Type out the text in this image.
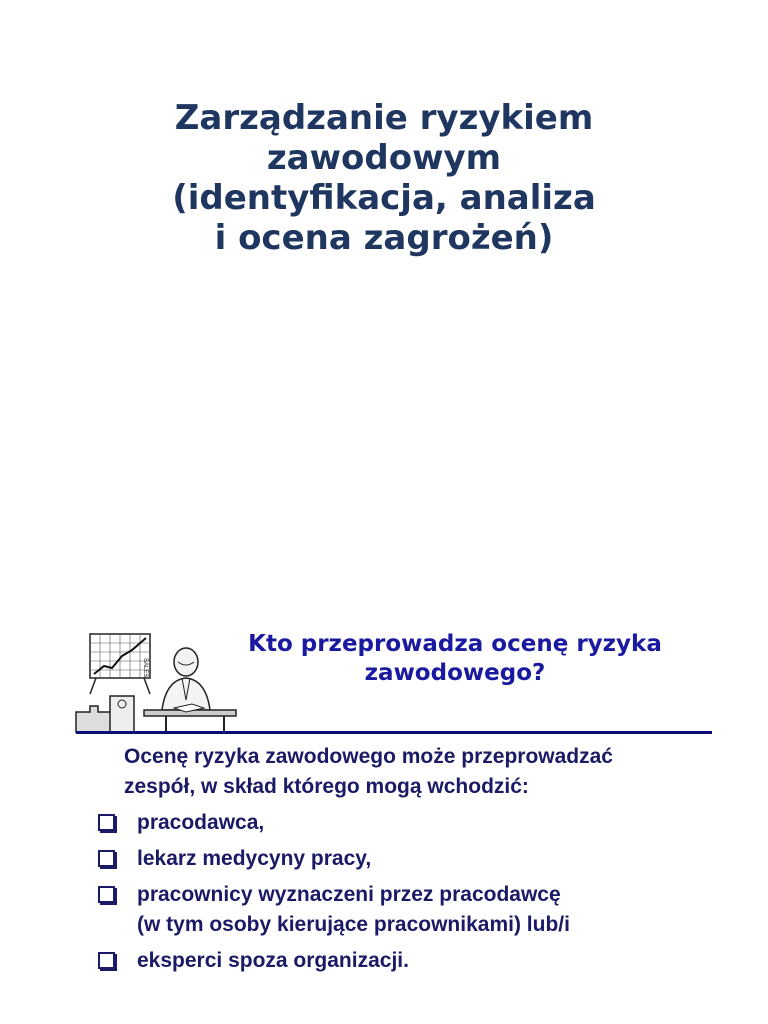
Zarządzanie ryzykiem
zawodowym
(identyfikacja, analiza
i ocena zagrożeń)
SALES
Kto przeprowadza ocenę ryzyka
zawodowego?
Ocenę ryzyka zawodowego może przeprowadzać
zespół, w skład którego mogą wchodzić:
pracodawca,
lekarz medycyny pracy,
pracownicy wyznaczeni przez pracodawcę
(w tym osoby kierujące pracownikami) lub/i
eksperci spoza organizacji.
